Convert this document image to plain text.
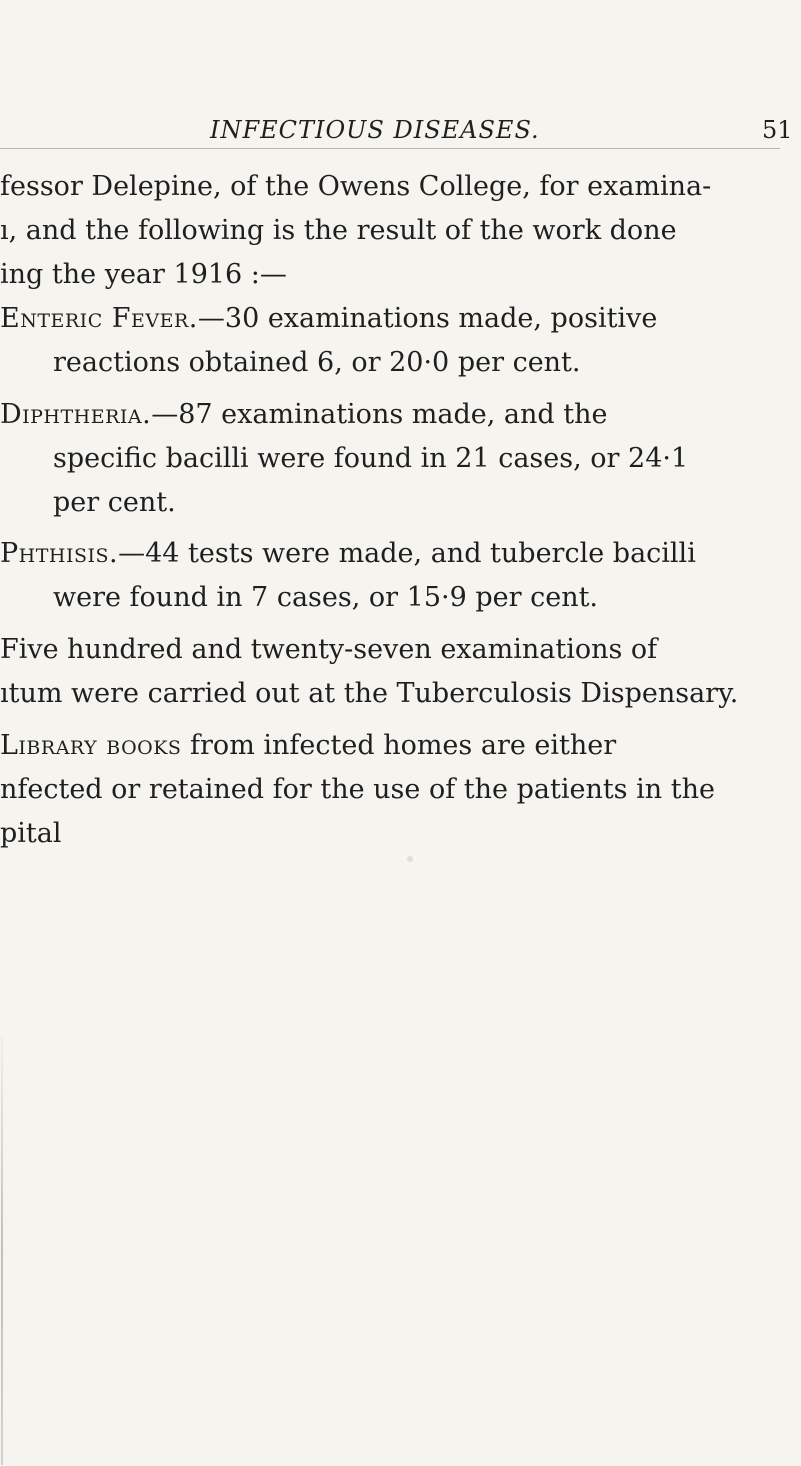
INFECTIOUS DISEASES.	51
fessor Delepine, of the Owens College, for examina-
ı, and the following is the result of the work done
ing the year 1916 :—
Enteric Fever.—30 examinations made, positive
reactions obtained 6, or 20·0 per cent.
Diphtheria.—87 examinations made, and the
specific bacilli were found in 21 cases, or 24·1
per cent.
Phthisis.—44 tests were made, and tubercle bacilli
were found in 7 cases, or 15·9 per cent.
Five hundred and twenty-seven examinations of
ıtum were carried out at the Tuberculosis Dispensary.
Library books from infected homes are either
nfected or retained for the use of the patients in the
pital
